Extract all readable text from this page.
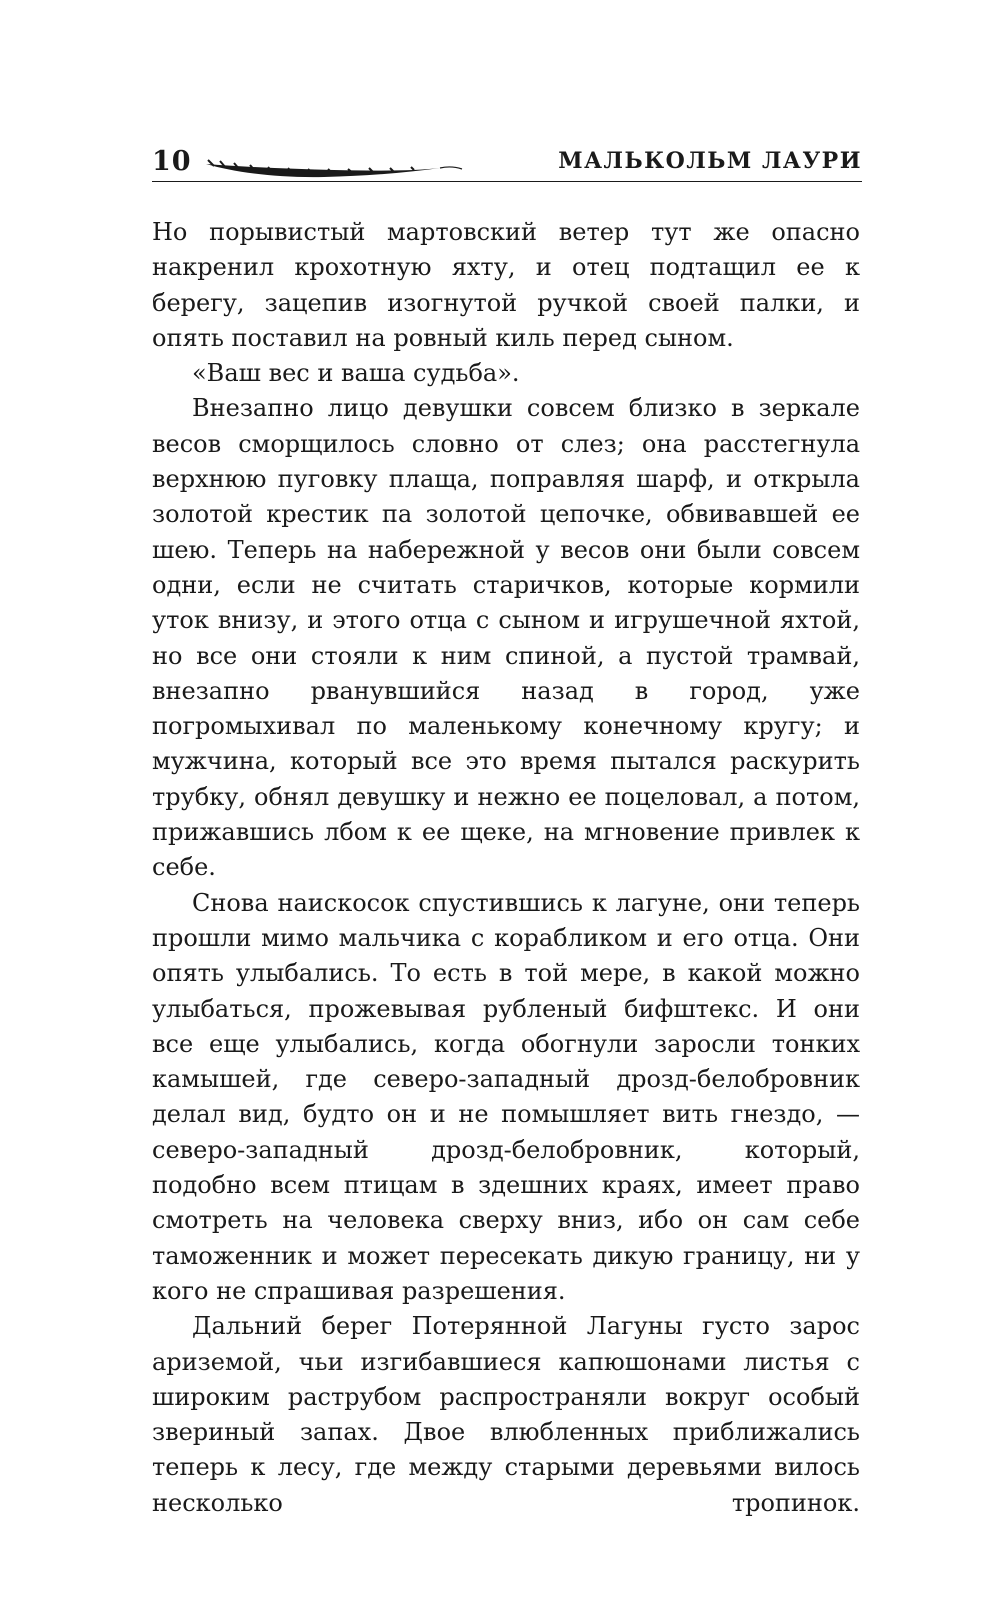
10	МАЛЬКОЛЬМ ЛАУРИ

Но порывистый мартовский ветер тут же опасно накренил крохотную яхту, и отец подтащил ее к берегу, зацепив изогнутой ручкой своей палки, и опять поставил на ровный киль перед сыном.

«Ваш вес и ваша судьба».

Внезапно лицо девушки совсем близко в зеркале весов сморщилось словно от слез; она расстегнула верхнюю пуговку плаща, поправляя шарф, и открыла золотой крестик па золотой цепочке, обвивавшей ее шею. Теперь на набережной у весов они были совсем одни, если не считать старичков, которые кормили уток внизу, и этого отца с сыном и игрушечной яхтой, но все они стояли к ним спиной, а пустой трамвай, внезапно рванувшийся назад в город, уже погромыхивал по маленькому конечному кругу; и мужчина, который все это время пытался раскурить трубку, обнял девушку и нежно ее поцеловал, а потом, прижавшись лбом к ее щеке, на мгновение привлек к себе.

Снова наискосок спустившись к лагуне, они теперь прошли мимо мальчика с корабликом и его отца. Они опять улыбались. То есть в той мере, в какой можно улыбаться, прожевывая рубленый бифштекс. И они все еще улыбались, когда обогнули заросли тонких камышей, где северо-западный дрозд-белобровник делал вид, будто он и не помышляет вить гнездо, — северо-западный дрозд-белобровник, который, подобно всем птицам в здешних краях, имеет право смотреть на человека сверху вниз, ибо он сам себе таможенник и может пересекать дикую границу, ни у кого не спрашивая разрешения.

Дальний берег Потерянной Лагуны густо зарос ариземой, чьи изгибавшиеся капюшонами листья с широким раструбом распространяли вокруг особый звериный запах. Двое влюбленных приближались теперь к лесу, где между старыми деревьями вилось несколько тропинок.
